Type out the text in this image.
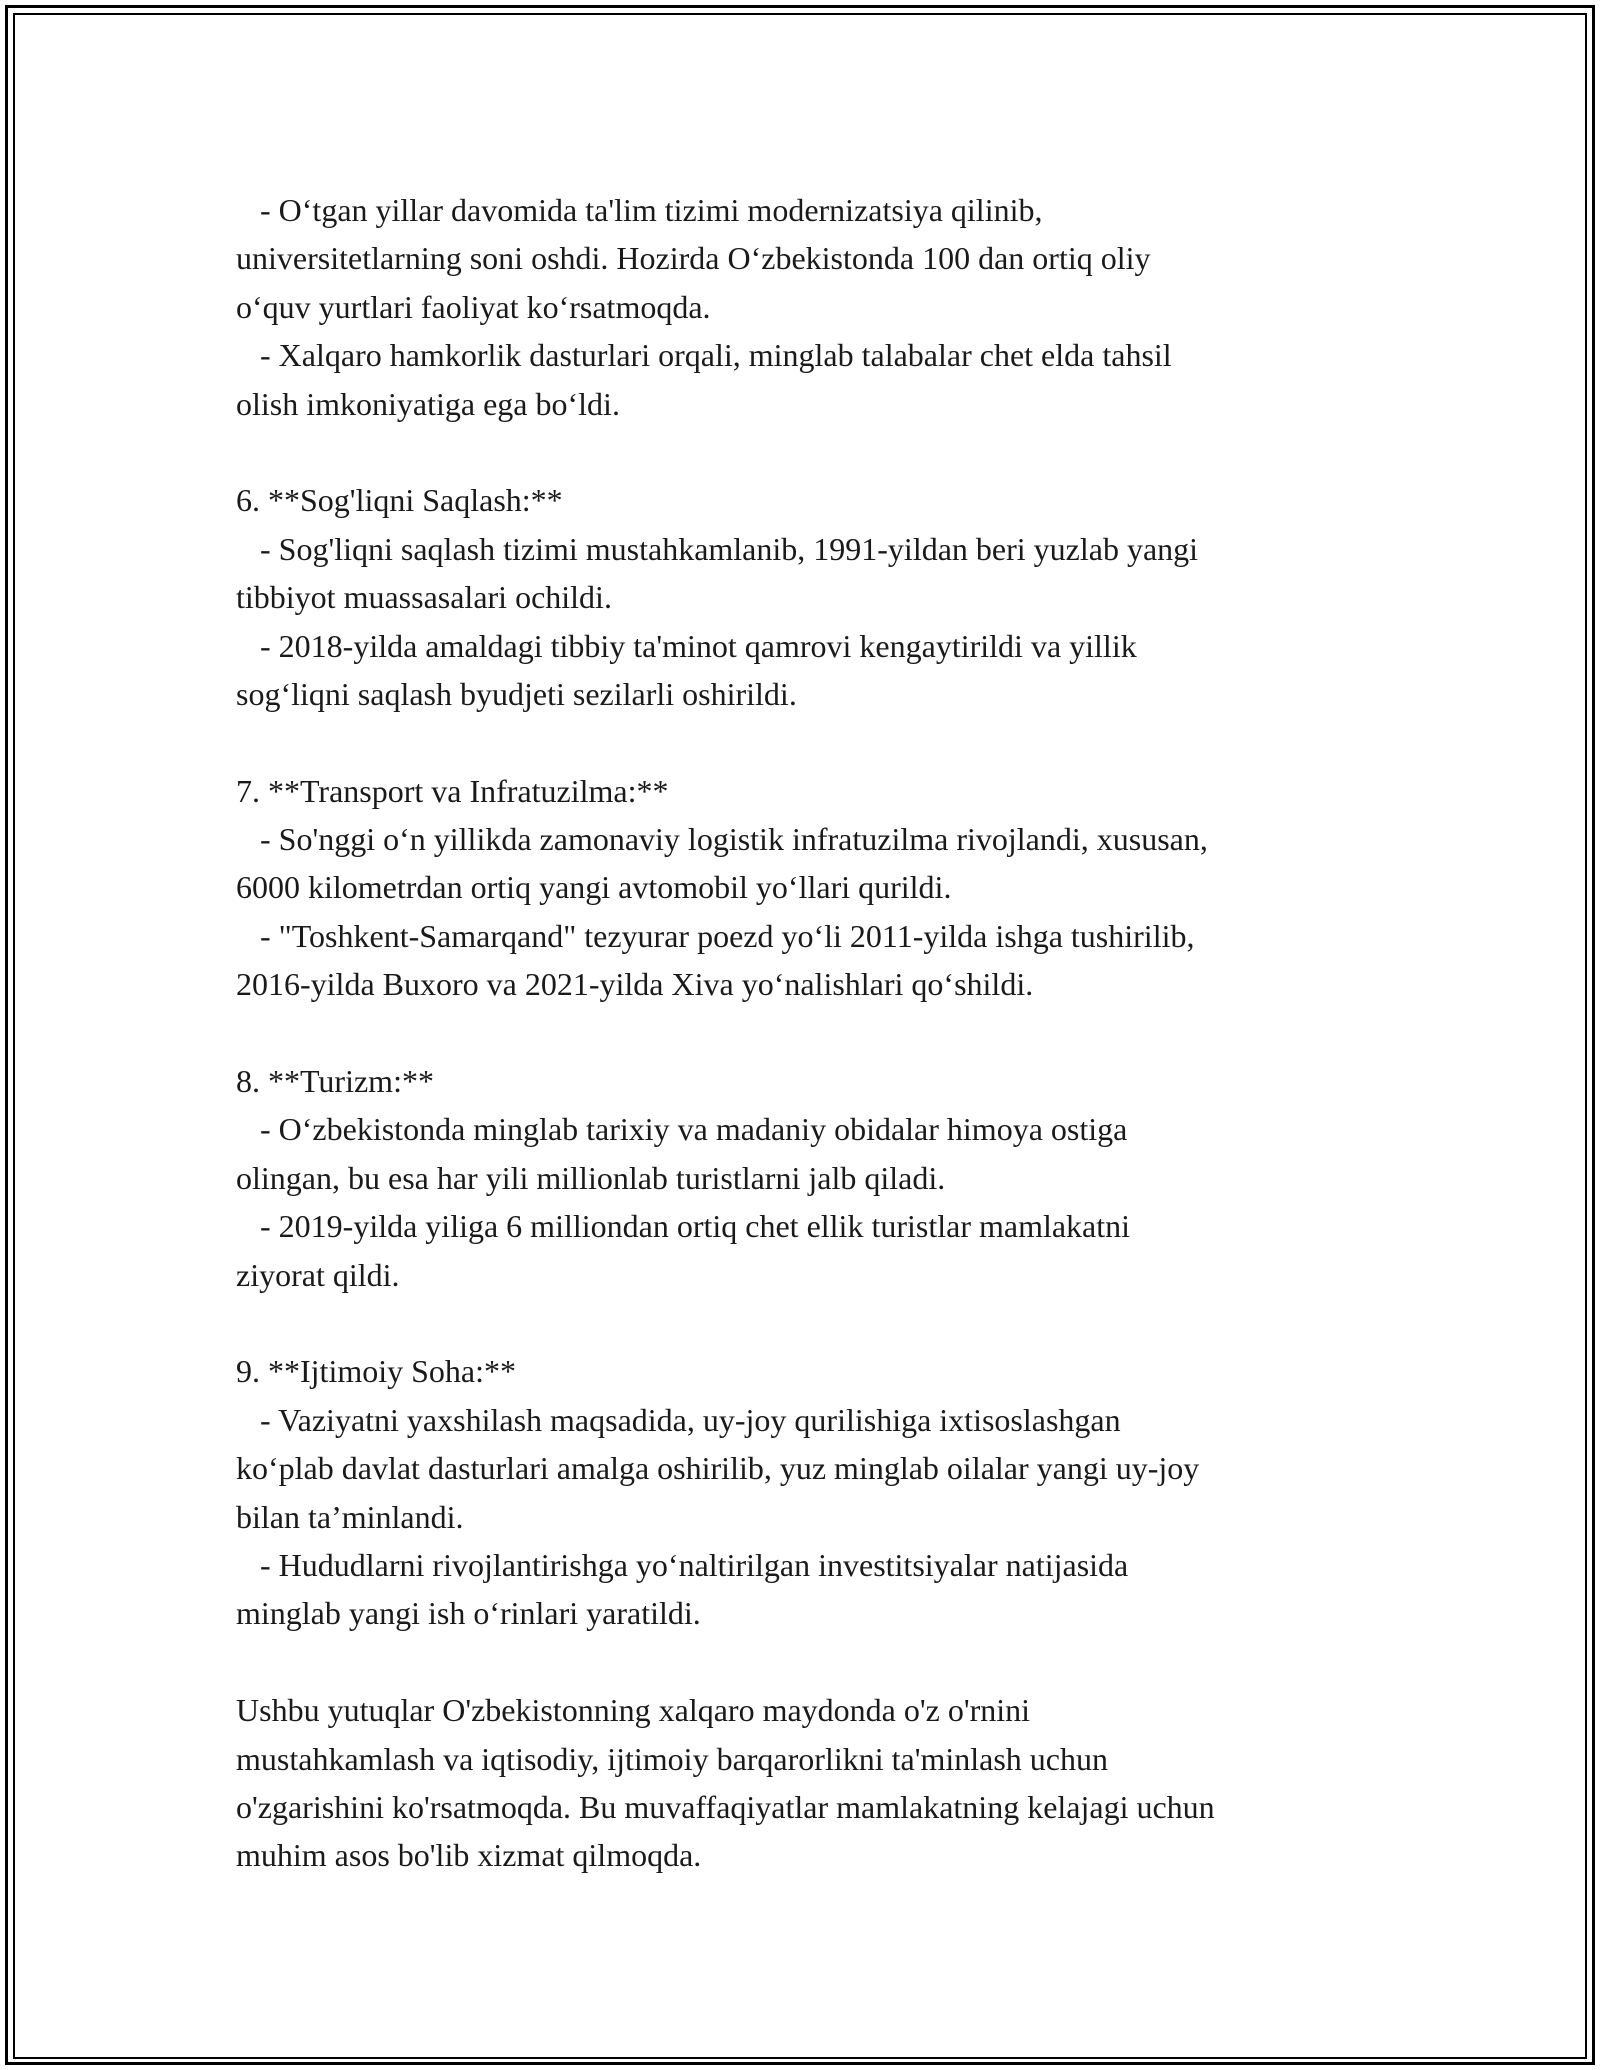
- O‘tgan yillar davomida ta'lim tizimi modernizatsiya qilinib,
universitetlarning soni oshdi. Hozirda O‘zbekistonda 100 dan ortiq oliy
o‘quv yurtlari faoliyat ko‘rsatmoqda.
- Xalqaro hamkorlik dasturlari orqali, minglab talabalar chet elda tahsil
olish imkoniyatiga ega bo‘ldi.
6. **Sog'liqni Saqlash:**
- Sog'liqni saqlash tizimi mustahkamlanib, 1991-yildan beri yuzlab yangi
tibbiyot muassasalari ochildi.
- 2018-yilda amaldagi tibbiy ta'minot qamrovi kengaytirildi va yillik
sog‘liqni saqlash byudjeti sezilarli oshirildi.
7. **Transport va Infratuzilma:**
- So'nggi o‘n yillikda zamonaviy logistik infratuzilma rivojlandi, xususan,
6000 kilometrdan ortiq yangi avtomobil yo‘llari qurildi.
- "Toshkent-Samarqand" tezyurar poezd yo‘li 2011-yilda ishga tushirilib,
2016-yilda Buxoro va 2021-yilda Xiva yo‘nalishlari qo‘shildi.
8. **Turizm:**
- O‘zbekistonda minglab tarixiy va madaniy obidalar himoya ostiga
olingan, bu esa har yili millionlab turistlarni jalb qiladi.
- 2019-yilda yiliga 6 milliondan ortiq chet ellik turistlar mamlakatni
ziyorat qildi.
9. **Ijtimoiy Soha:**
- Vaziyatni yaxshilash maqsadida, uy-joy qurilishiga ixtisoslashgan
ko‘plab davlat dasturlari amalga oshirilib, yuz minglab oilalar yangi uy-joy
bilan ta’minlandi.
- Hududlarni rivojlantirishga yo‘naltirilgan investitsiyalar natijasida
minglab yangi ish o‘rinlari yaratildi.
Ushbu yutuqlar O'zbekistonning xalqaro maydonda o'z o'rnini
mustahkamlash va iqtisodiy, ijtimoiy barqarorlikni ta'minlash uchun
o'zgarishini ko'rsatmoqda. Bu muvaffaqiyatlar mamlakatning kelajagi uchun
muhim asos bo'lib xizmat qilmoqda.
